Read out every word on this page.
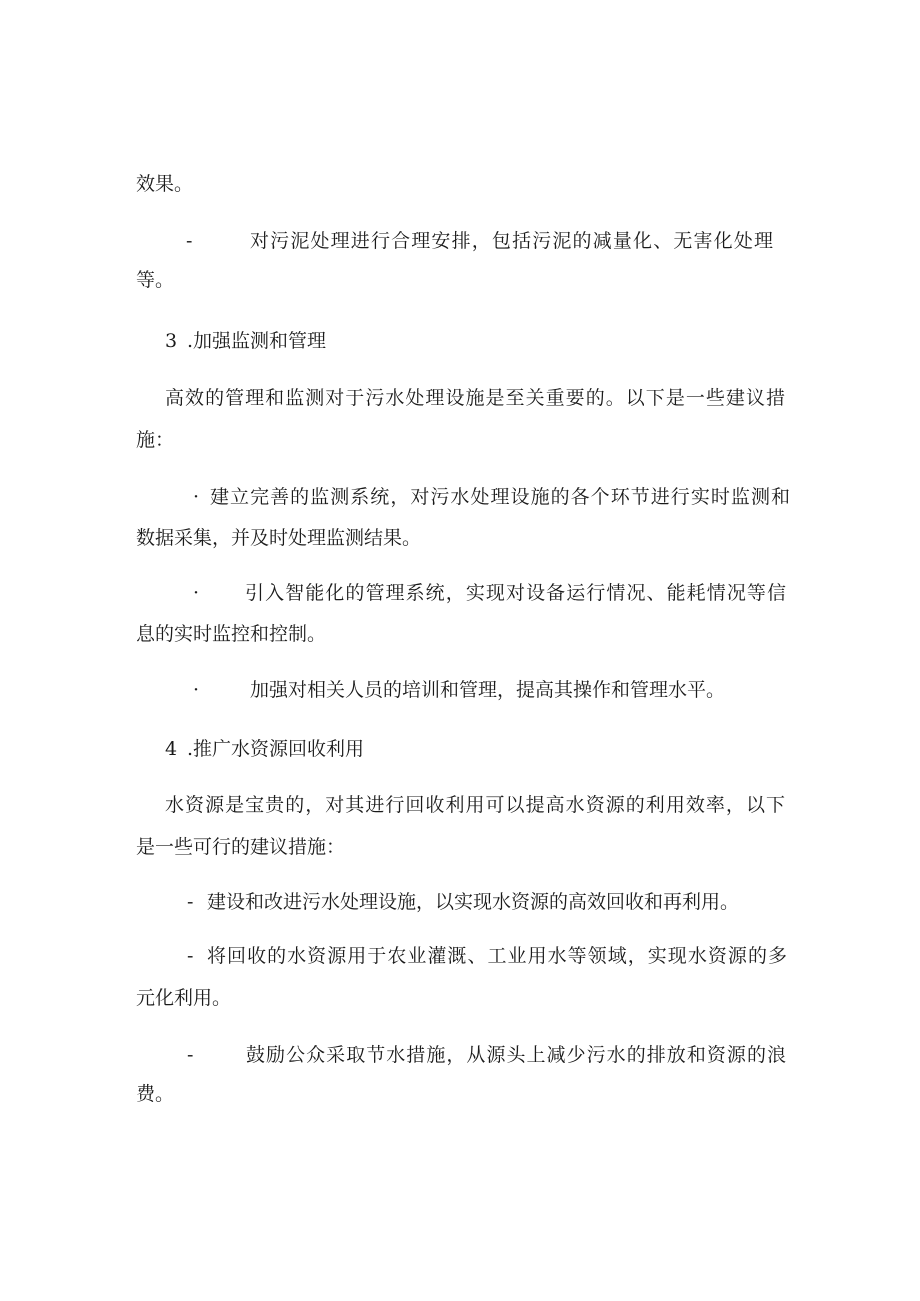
效果。
-	对污泥处理进行合理安排，包括污泥的减量化、无害化处理
等。
3 .加强监测和管理
高效的管理和监测对于污水处理设施是至关重要的。以下是一些建议措
施：
· 建立完善的监测系统，对污水处理设施的各个环节进行实时监测和
数据采集，并及时处理监测结果。
· 引入智能化的管理系统，实现对设备运行情况、能耗情况等信
息的实时监控和控制。
·	加强对相关人员的培训和管理，提高其操作和管理水平。
4 .推广水资源回收利用
水资源是宝贵的，对其进行回收利用可以提高水资源的利用效率，以下
是一些可行的建议措施：
- 建设和改进污水处理设施，以实现水资源的高效回收和再利用。
- 将回收的水资源用于农业灌溉、工业用水等领域，实现水资源的多
元化利用。
-	鼓励公众采取节水措施，从源头上减少污水的排放和资源的浪
费。
